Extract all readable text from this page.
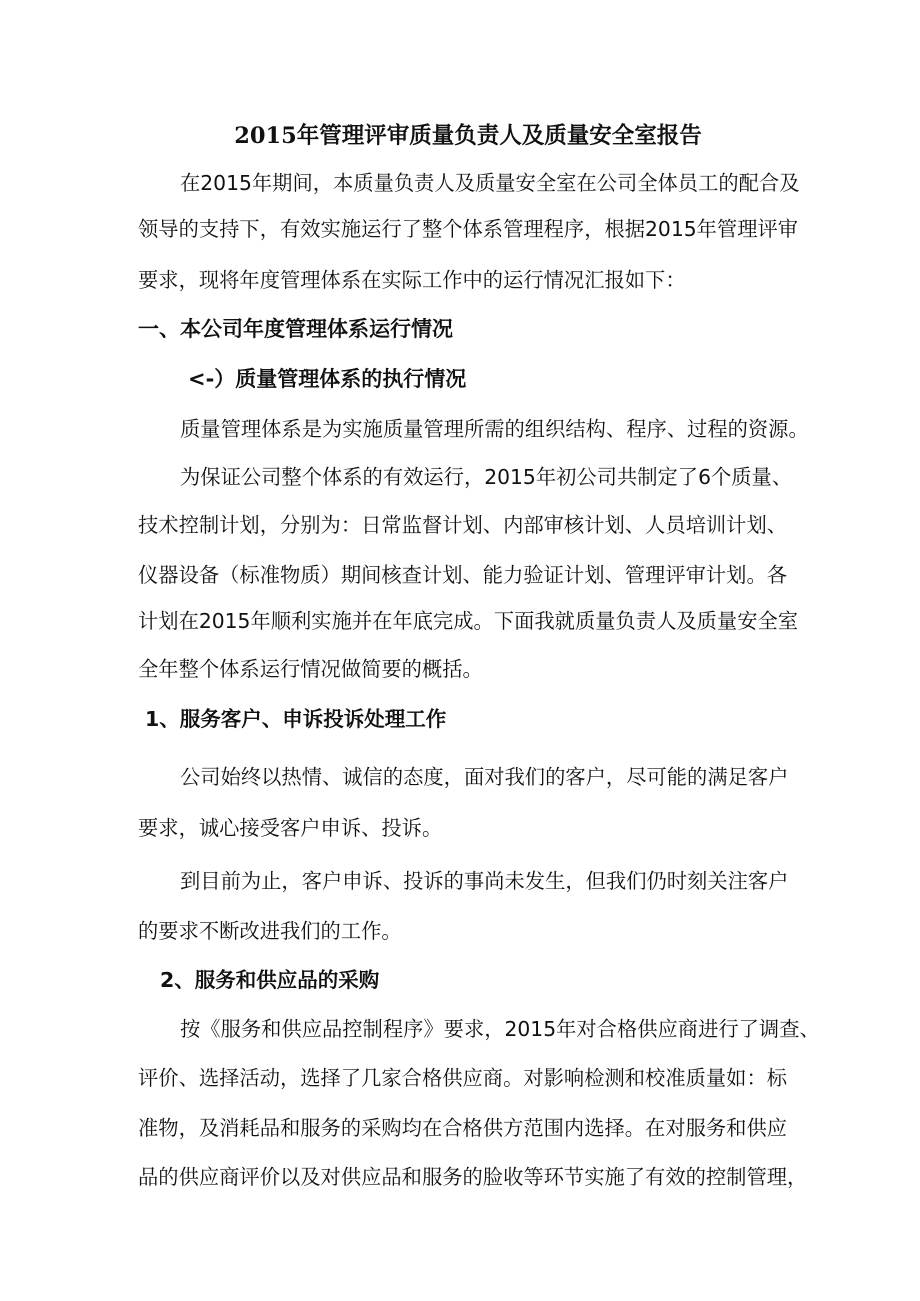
2015年管理评审质量负责人及质量安全室报告
在2015年期间，本质量负责人及质量安全室在公司全体员工的配合及
领导的支持下，有效实施运行了整个体系管理程序，根据2015年管理评审
要求，现将年度管理体系在实际工作中的运行情况汇报如下：
一、本公司年度管理体系运行情况
<-）质量管理体系的执行情况
质量管理体系是为实施质量管理所需的组织结构、程序、过程的资源。
为保证公司整个体系的有效运行，2015年初公司共制定了6个质量、
技术控制计划，分别为：日常监督计划、内部审核计划、人员培训计划、
仪器设备（标准物质）期间核查计划、能力验证计划、管理评审计划。各
计划在2015年顺利实施并在年底完成。下面我就质量负责人及质量安全室
全年整个体系运行情况做简要的概括。
1、服务客户、申诉投诉处理工作
公司始终以热情、诚信的态度，面对我们的客户，尽可能的满足客户
要求，诚心接受客户申诉、投诉。
到目前为止，客户申诉、投诉的事尚未发生，但我们仍时刻关注客户
的要求不断改进我们的工作。
2、服务和供应品的采购
按《服务和供应品控制程序》要求，2015年对合格供应商进行了调查、
评价、选择活动，选择了几家合格供应商。对影响检测和校准质量如：标
准物，及消耗品和服务的采购均在合格供方范围内选择。在对服务和供应
品的供应商评价以及对供应品和服务的脸收等环节实施了有效的控制管理，
